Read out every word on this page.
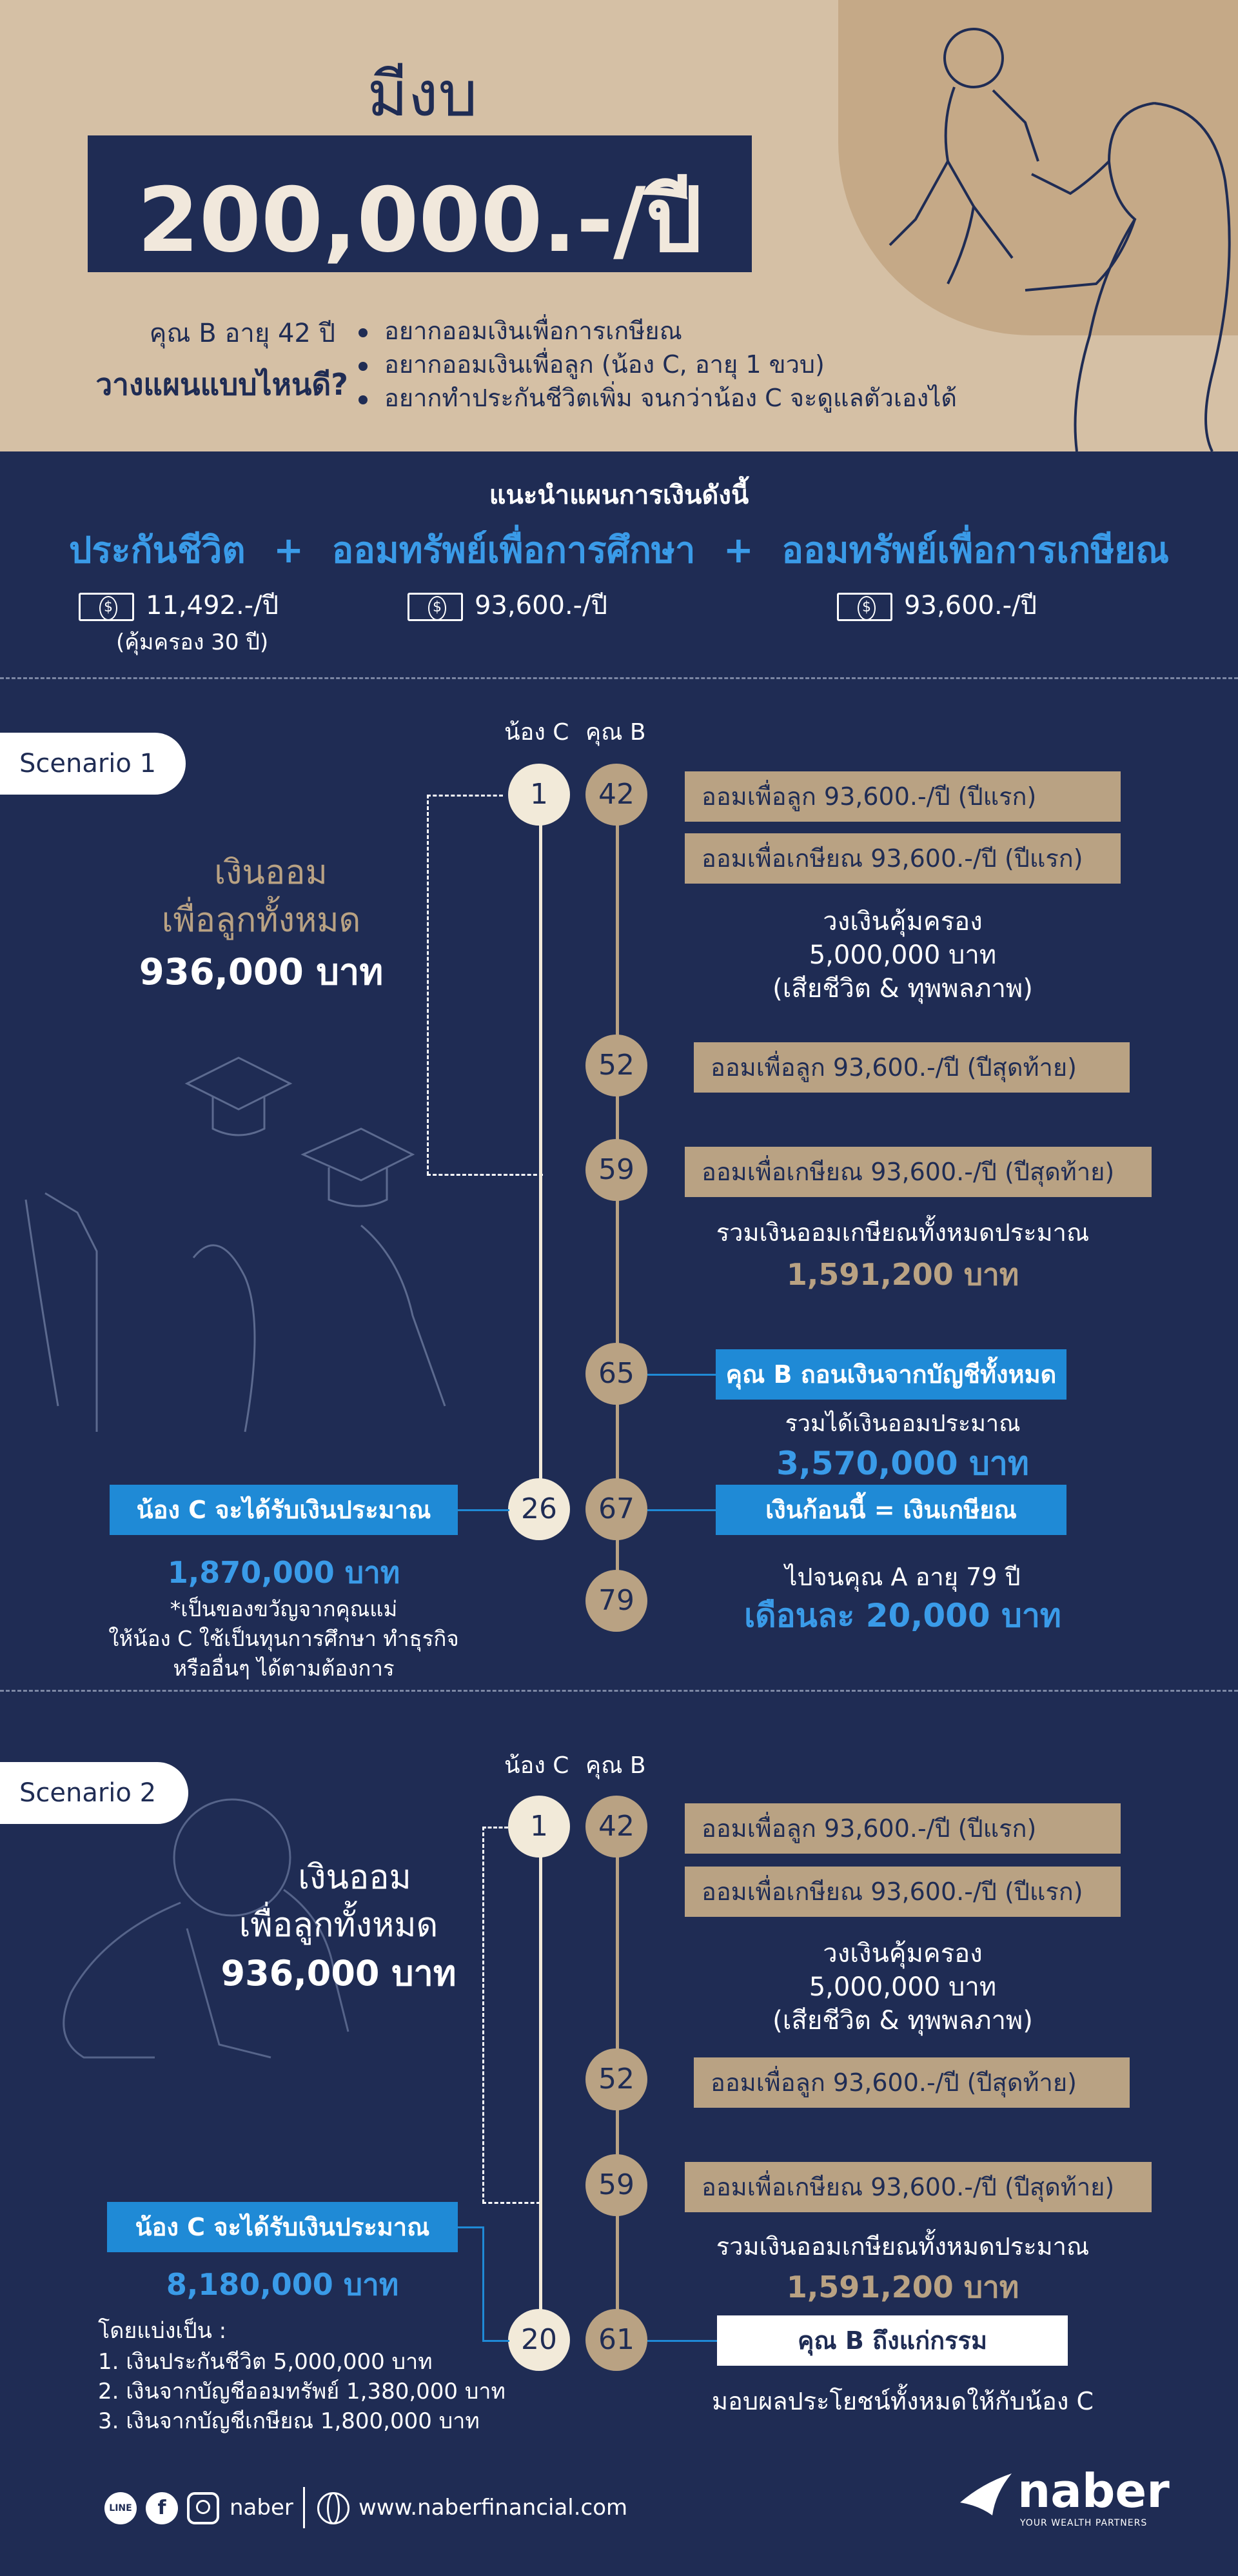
มีงบ
200,000.-/ปี
คุณ B อายุ 42 ปี
วางแผนแบบไหนดี?
อยากออมเงินเพื่อการเกษียณ
อยากออมเงินเพื่อลูก (น้อง C, อายุ 1 ขวบ)
อยากทำประกันชีวิตเพิ่ม จนกว่าน้อง C จะดูแลตัวเองได้
แนะนำแผนการเงินดังนี้
ประกันชีวิต + ออมทรัพย์เพื่อการศึกษา + ออมทรัพย์เพื่อการเกษียณ
$11,492.-/ปี
(คุ้มครอง 30 ปี)
$93,600.-/ปี
$	93,600.-/ปี
Scenario 1
น้อง C คุณ B
เงินออม
เพื่อลูกทั้งหมด
936,000 บาท
1
26
42
52
59
65
67
79
ออมเพื่อลูก 93,600.-/ปี (ปีแรก)
ออมเพื่อเกษียณ 93,600.-/ปี (ปีแรก)
วงเงินคุ้มครอง
5,000,000 บาท
(เสียชีวิต & ทุพพลภาพ)
ออมเพื่อลูก 93,600.-/ปี (ปีสุดท้าย)
ออมเพื่อเกษียณ 93,600.-/ปี (ปีสุดท้าย)
รวมเงินออมเกษียณทั้งหมดประมาณ
1,591,200 บาท
คุณ B ถอนเงินจากบัญชีทั้งหมด
รวมได้เงินออมประมาณ
3,570,000 บาท
เงินก้อนนี้ = เงินเกษียณ
ไปจนคุณ A อายุ 79 ปี
เดือนละ 20,000 บาท
น้อง C จะได้รับเงินประมาณ
1,870,000 บาท
*เป็นของขวัญจากคุณแม่
ให้น้อง C ใช้เป็นทุนการศึกษา ทำธุรกิจ
หรืออื่นๆ ได้ตามต้องการ
Scenario 2
น้อง C คุณ B
เงินออม
เพื่อลูกทั้งหมด
936,000 บาท
1
20
42
52
59
61
ออมเพื่อลูก 93,600.-/ปี (ปีแรก)
ออมเพื่อเกษียณ 93,600.-/ปี (ปีแรก)
วงเงินคุ้มครอง
5,000,000 บาท
(เสียชีวิต & ทุพพลภาพ)
ออมเพื่อลูก 93,600.-/ปี (ปีสุดท้าย)
ออมเพื่อเกษียณ 93,600.-/ปี (ปีสุดท้าย)
รวมเงินออมเกษียณทั้งหมดประมาณ
1,591,200 บาท
คุณ B ถึงแก่กรรม
มอบผลประโยชน์ทั้งหมดให้กับน้อง C
น้อง C จะได้รับเงินประมาณ
8,180,000 บาท
โดยแบ่งเป็น :
1. เงินประกันชีวิต 5,000,000 บาท
2. เงินจากบัญชีออมทรัพย์ 1,380,000 บาท
3. เงินจากบัญชีเกษียณ 1,800,000 บาท
LINE	f	naber	www.naberfinancial.com	naber
YOUR WEALTH PARTNERS
